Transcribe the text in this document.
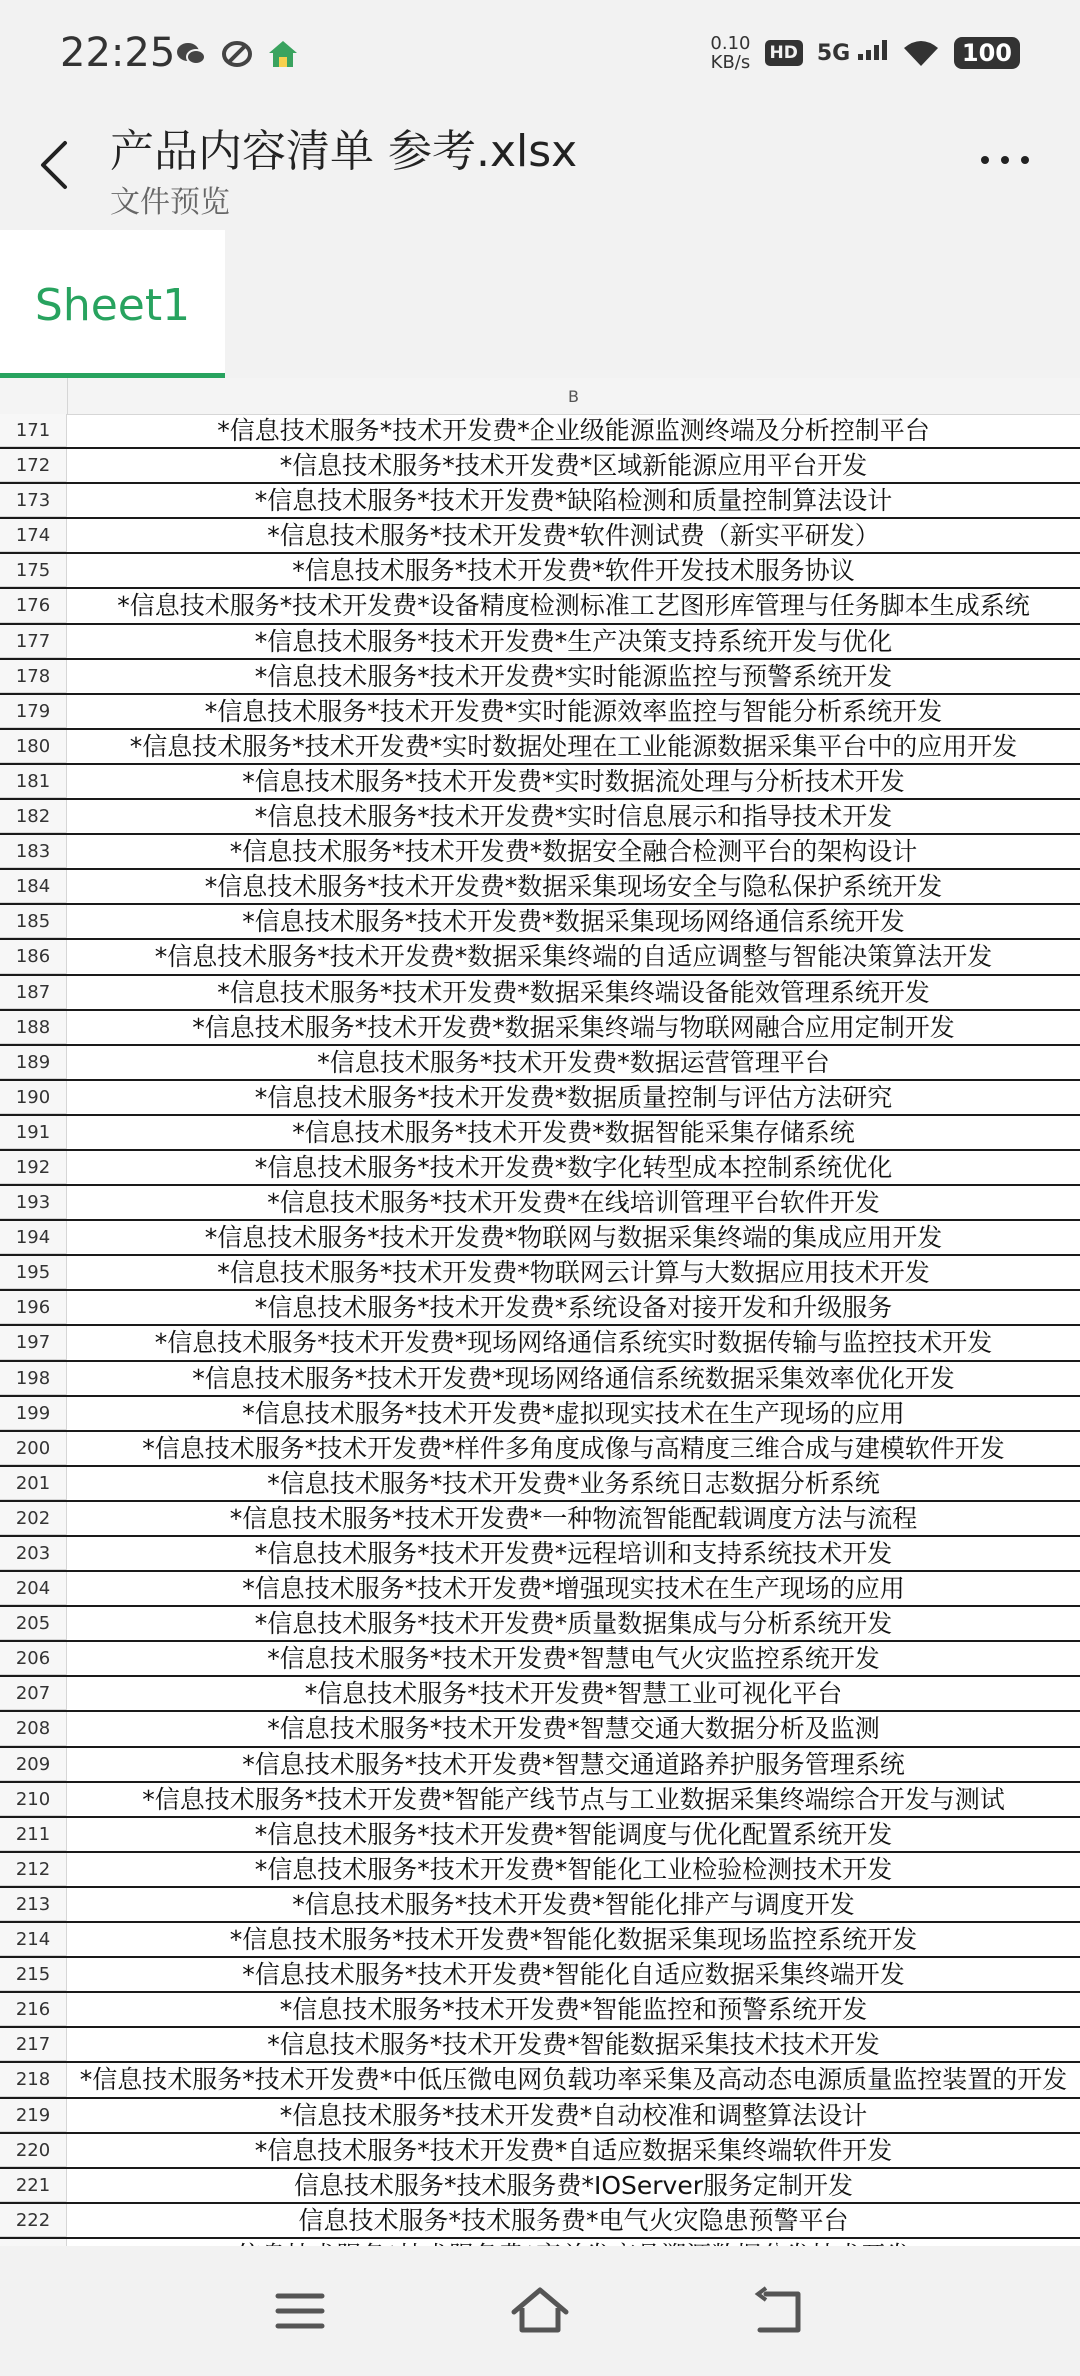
22:25	0.10
KB/s HD 5G	100
产品内容清单 参考.xlsx
文件预览
Sheet1
B
171	*信息技术服务*技术开发费*企业级能源监测终端及分析控制平台
172	*信息技术服务*技术开发费*区域新能源应用平台开发
173	*信息技术服务*技术开发费*缺陷检测和质量控制算法设计
174	*信息技术服务*技术开发费*软件测试费（新实平研发）
175	*信息技术服务*技术开发费*软件开发技术服务协议
176	*信息技术服务*技术开发费*设备精度检测标准工艺图形库管理与任务脚本生成系统
177	*信息技术服务*技术开发费*生产决策支持系统开发与优化
178	*信息技术服务*技术开发费*实时能源监控与预警系统开发
179	*信息技术服务*技术开发费*实时能源效率监控与智能分析系统开发
180	*信息技术服务*技术开发费*实时数据处理在工业能源数据采集平台中的应用开发
181	*信息技术服务*技术开发费*实时数据流处理与分析技术开发
182	*信息技术服务*技术开发费*实时信息展示和指导技术开发
183	*信息技术服务*技术开发费*数据安全融合检测平台的架构设计
184	*信息技术服务*技术开发费*数据采集现场安全与隐私保护系统开发
185	*信息技术服务*技术开发费*数据采集现场网络通信系统开发
186	*信息技术服务*技术开发费*数据采集终端的自适应调整与智能决策算法开发
187	*信息技术服务*技术开发费*数据采集终端设备能效管理系统开发
188	*信息技术服务*技术开发费*数据采集终端与物联网融合应用定制开发
189	*信息技术服务*技术开发费*数据运营管理平台
190	*信息技术服务*技术开发费*数据质量控制与评估方法研究
191	*信息技术服务*技术开发费*数据智能采集存储系统
192	*信息技术服务*技术开发费*数字化转型成本控制系统优化
193	*信息技术服务*技术开发费*在线培训管理平台软件开发
194	*信息技术服务*技术开发费*物联网与数据采集终端的集成应用开发
195	*信息技术服务*技术开发费*物联网云计算与大数据应用技术开发
196	*信息技术服务*技术开发费*系统设备对接开发和升级服务
197	*信息技术服务*技术开发费*现场网络通信系统实时数据传输与监控技术开发
198	*信息技术服务*技术开发费*现场网络通信系统数据采集效率优化开发
199	*信息技术服务*技术开发费*虚拟现实技术在生产现场的应用
200	*信息技术服务*技术开发费*样件多角度成像与高精度三维合成与建模软件开发
201	*信息技术服务*技术开发费*业务系统日志数据分析系统
202	*信息技术服务*技术开发费*一种物流智能配载调度方法与流程
203	*信息技术服务*技术开发费*远程培训和支持系统技术开发
204	*信息技术服务*技术开发费*增强现实技术在生产现场的应用
205	*信息技术服务*技术开发费*质量数据集成与分析系统开发
206	*信息技术服务*技术开发费*智慧电气火灾监控系统开发
207	*信息技术服务*技术开发费*智慧工业可视化平台
208	*信息技术服务*技术开发费*智慧交通大数据分析及监测
209	*信息技术服务*技术开发费*智慧交通道路养护服务管理系统
210	*信息技术服务*技术开发费*智能产线节点与工业数据采集终端综合开发与测试
211	*信息技术服务*技术开发费*智能调度与优化配置系统开发
212	*信息技术服务*技术开发费*智能化工业检验检测技术开发
213	*信息技术服务*技术开发费*智能化排产与调度开发
214	*信息技术服务*技术开发费*智能化数据采集现场监控系统开发
215	*信息技术服务*技术开发费*智能化自适应数据采集终端开发
216	*信息技术服务*技术开发费*智能监控和预警系统开发
217	*信息技术服务*技术开发费*智能数据采集技术技术开发
218	*信息技术服务*技术开发费*中低压微电网负载功率采集及高动态电源质量监控装置的开发
219	*信息技术服务*技术开发费*自动校准和调整算法设计
220	*信息技术服务*技术开发费*自适应数据采集终端软件开发
221	信息技术服务*技术服务费*IOServer服务定制开发
222	信息技术服务*技术服务费*电气火灾隐患预警平台
